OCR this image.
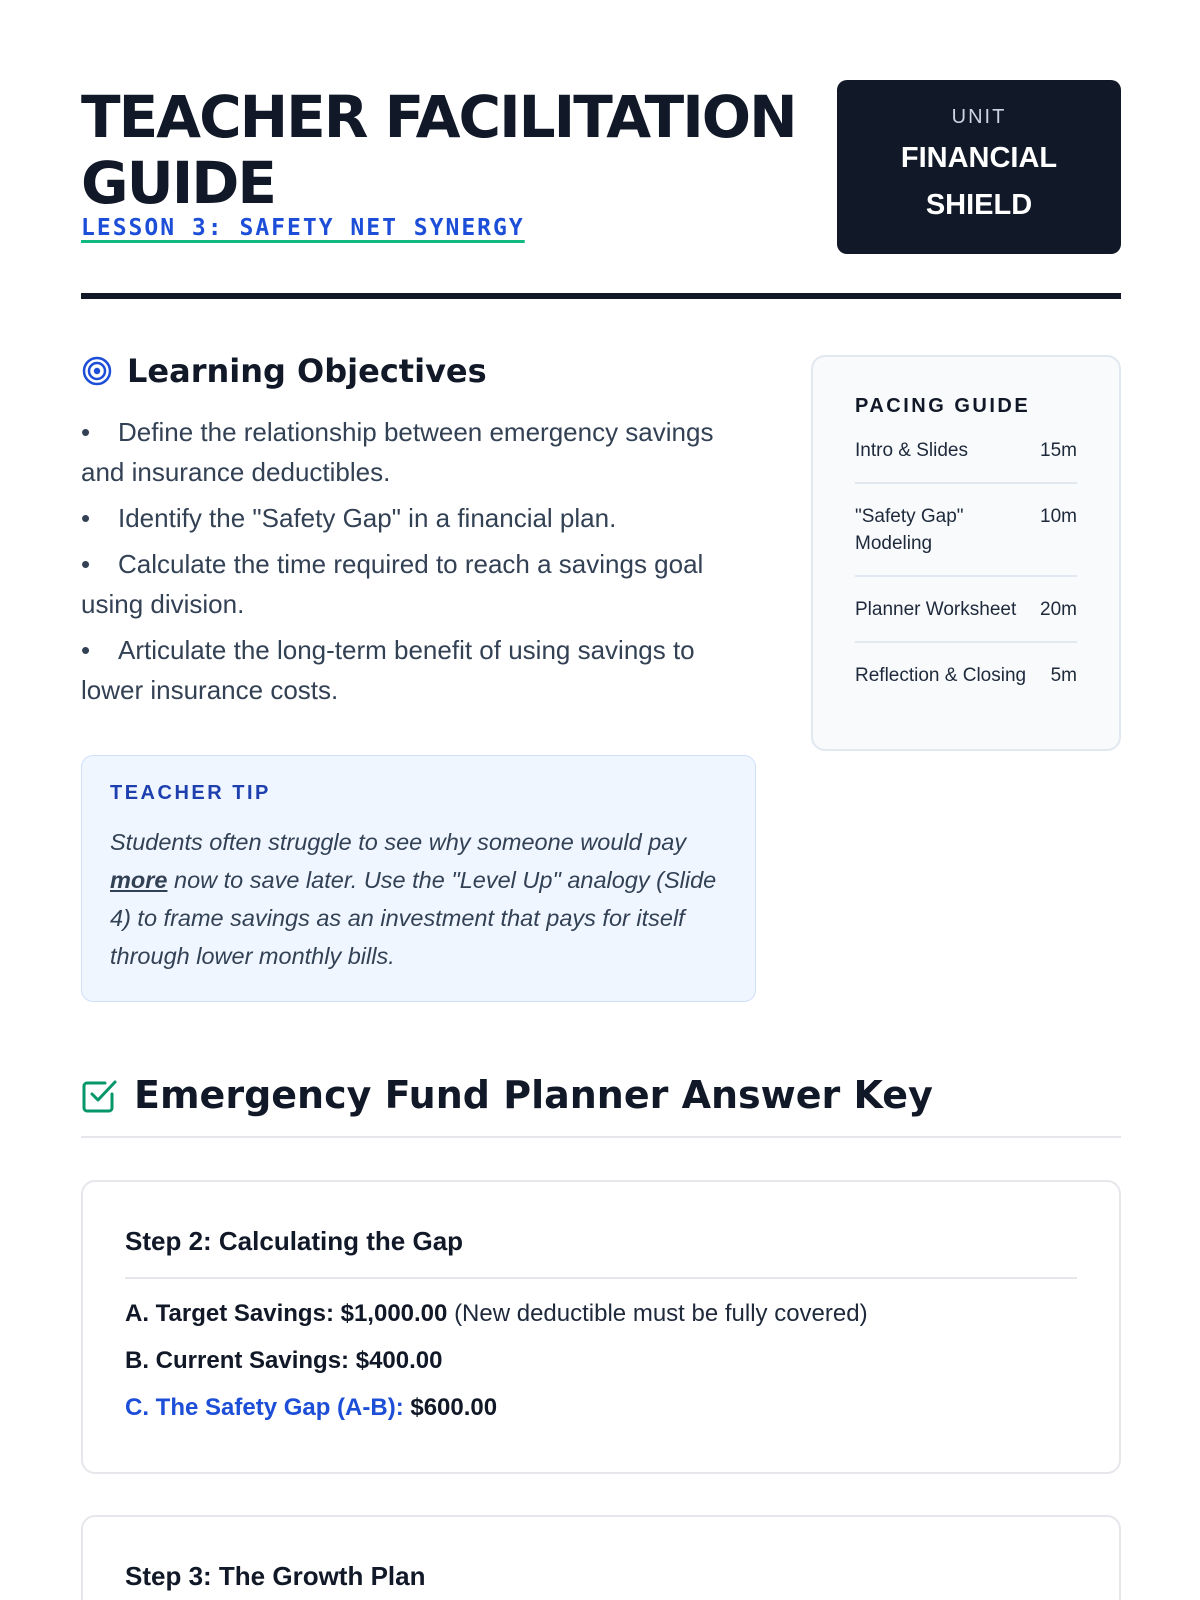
TEACHER FACILITATION GUIDE
LESSON 3: SAFETY NET SYNERGY
UNIT
FINANCIAL SHIELD
Learning Objectives
• Define the relationship between emergency savings and insurance deductibles.
• Identify the "Safety Gap" in a financial plan.
• Calculate the time required to reach a savings goal using division.
• Articulate the long-term benefit of using savings to lower insurance costs.
TEACHER TIP

Students often struggle to see why someone would pay more now to save later. Use the "Level Up" analogy (Slide 4) to frame savings as an investment that pays for itself through lower monthly bills.

PACING GUIDE
Intro & Slides	15m
"Safety Gap" Modeling
10m
Planner Worksheet 20m
Reflection & Closing 5m
Emergency Fund Planner Answer Key
Step 2: Calculating the Gap

A. Target Savings: $1,000.00 (New deductible must be fully covered)

B. Current Savings: $400.00

C. The Safety Gap (A-B): $600.00

Step 3: The Growth Plan
